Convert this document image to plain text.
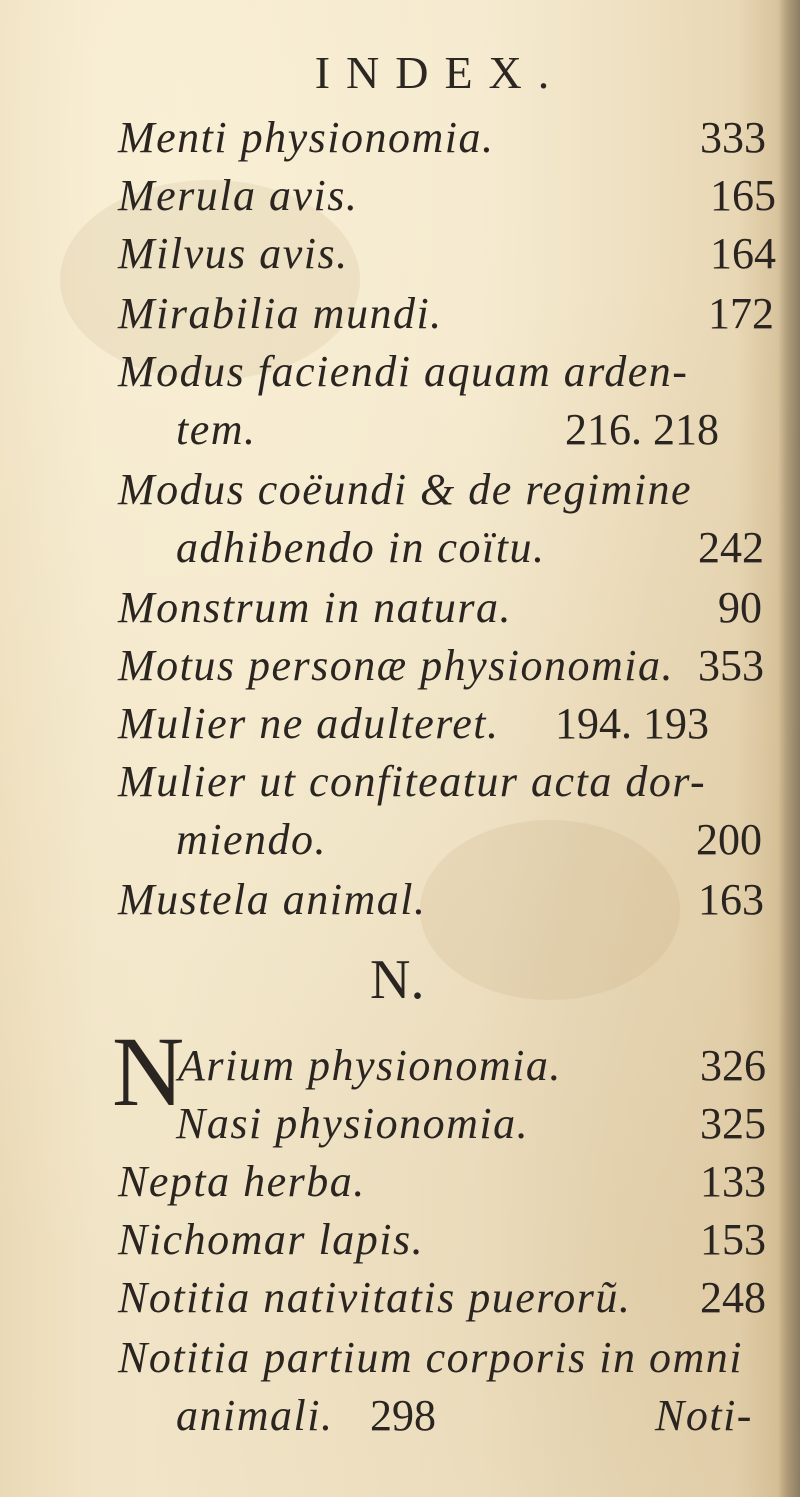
INDEX.
Menti physionomia.	333
Merula avis.	165
Milvus avis.	164
Mirabilia mundi.	172
Modus faciendi aquam arden-
tem.	216. 218
Modus coëundi & de regimine
adhibendo in coïtu.	242
Monstrum in natura.	90
Motus personæ physionomia. 353
Mulier ne adulteret. 194. 193
Mulier ut confiteatur acta dor-
miendo.	200
Mustela animal.	163
N.
N
Arium physionomia.	326
Nasi physionomia.	325
Nepta herba.	133
Nichomar lapis.	153
Notitia nativitatis puerorũ. 248
Notitia partium corporis in omni
animali. 298	Noti-
